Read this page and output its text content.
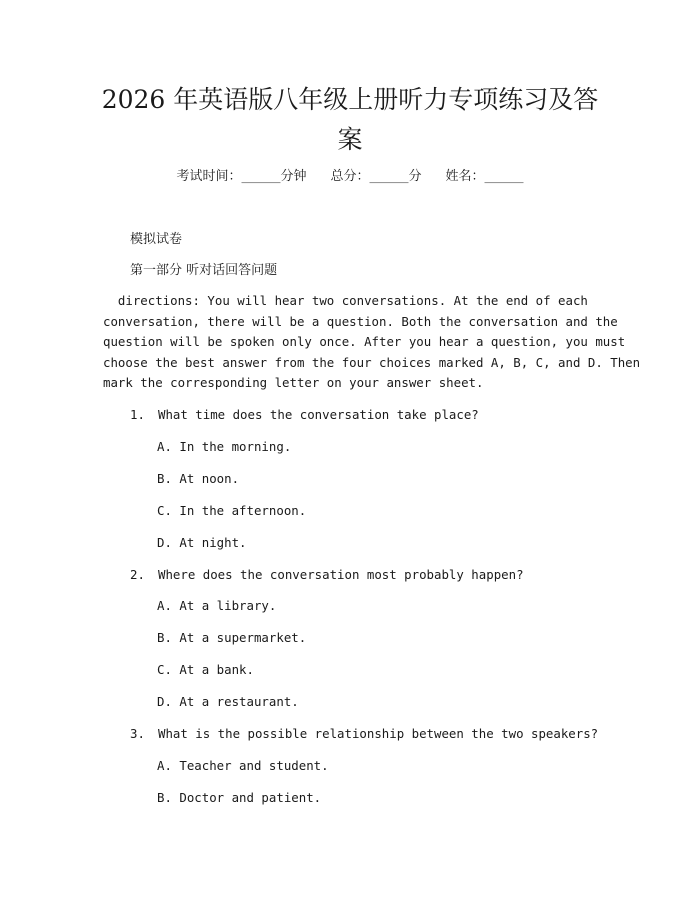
2026 年英语版八年级上册听力专项练习及答案
考试时间：______分钟 总分：______分 姓名：______
模拟试卷
第一部分 听对话回答问题
directions: You will hear two conversations. At the end of each
conversation, there will be a question. Both the conversation and the
question will be spoken only once. After you hear a question, you must
choose the best answer from the four choices marked A, B, C, and D. Then
mark the corresponding letter on your answer sheet.
1. What time does the conversation take place?
A. In the morning.
B. At noon.
C. In the afternoon.
D. At night.
2. Where does the conversation most probably happen?
A. At a library.
B. At a supermarket.
C. At a bank.
D. At a restaurant.
3. What is the possible relationship between the two speakers?
A. Teacher and student.
B. Doctor and patient.
